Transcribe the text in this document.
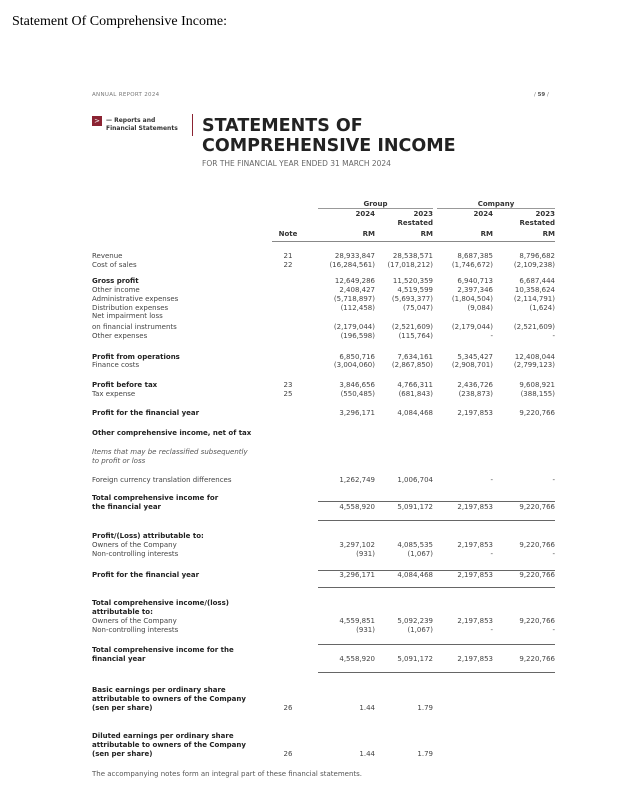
Statement Of Comprehensive Income:
ANNUAL REPORT 2024	/ 59 /
>	— Reports and
Financial Statements STATEMENTS OF
COMPREHENSIVE INCOME
FOR THE FINANCIAL YEAR ENDED 31 MARCH 2024
Group	Company
2024	2023	2024	2023
Restated	Restated
Note	RM	RM	RM	RM
Revenue	21	28,933,847	28,538,571	8,687,385	8,796,682
Cost of sales	22	(16,284,561)	(17,018,212)	(1,746,672)	(2,109,238)
Gross profit	12,649,286	11,520,359	6,940,713	6,687,444
Other income	2,408,427	4,519,599	2,397,346	10,358,624
Administrative expenses	(5,718,897)	(5,693,377)	(1,804,504)	(2,114,791)
Distribution expenses	(112,458)	(75,047)	(9,084)	(1,624)
Net impairment loss
on financial instruments	(2,179,044)	(2,521,609)	(2,179,044)	(2,521,609)
Other expenses	(196,598)	(115,764)	-	-
Profit from operations	6,850,716	7,634,161	5,345,427	12,408,044
Finance costs	(3,004,060)	(2,867,850)	(2,908,701)	(2,799,123)
Profit before tax	23	3,846,656	4,766,311	2,436,726	9,608,921
Tax expense	25	(550,485)	(681,843)	(238,873)	(388,155)
Profit for the financial year	3,296,171	4,084,468	2,197,853	9,220,766
Other comprehensive income, net of tax
Items that may be reclassified subsequently
to profit or loss
Foreign currency translation differences	1,262,749	1,006,704	-	-
Total comprehensive income for
the financial year	4,558,920	5,091,172	2,197,853	9,220,766
Profit/(Loss) attributable to:
Owners of the Company	3,297,102	4,085,535	2,197,853	9,220,766
Non-controlling interests	(931)	(1,067)	-	-
Profit for the financial year	3,296,171	4,084,468	2,197,853	9,220,766
Total comprehensive income/(loss)
attributable to:
Owners of the Company	4,559,851	5,092,239	2,197,853	9,220,766
Non-controlling interests	(931)	(1,067)	-	-
Total comprehensive income for the
financial year	4,558,920	5,091,172	2,197,853	9,220,766
Basic earnings per ordinary share
attributable to owners of the Company
(sen per share)	26	1.44	1.79
Diluted earnings per ordinary share
attributable to owners of the Company
(sen per share)	26	1.44	1.79
The accompanying notes form an integral part of these financial statements.
